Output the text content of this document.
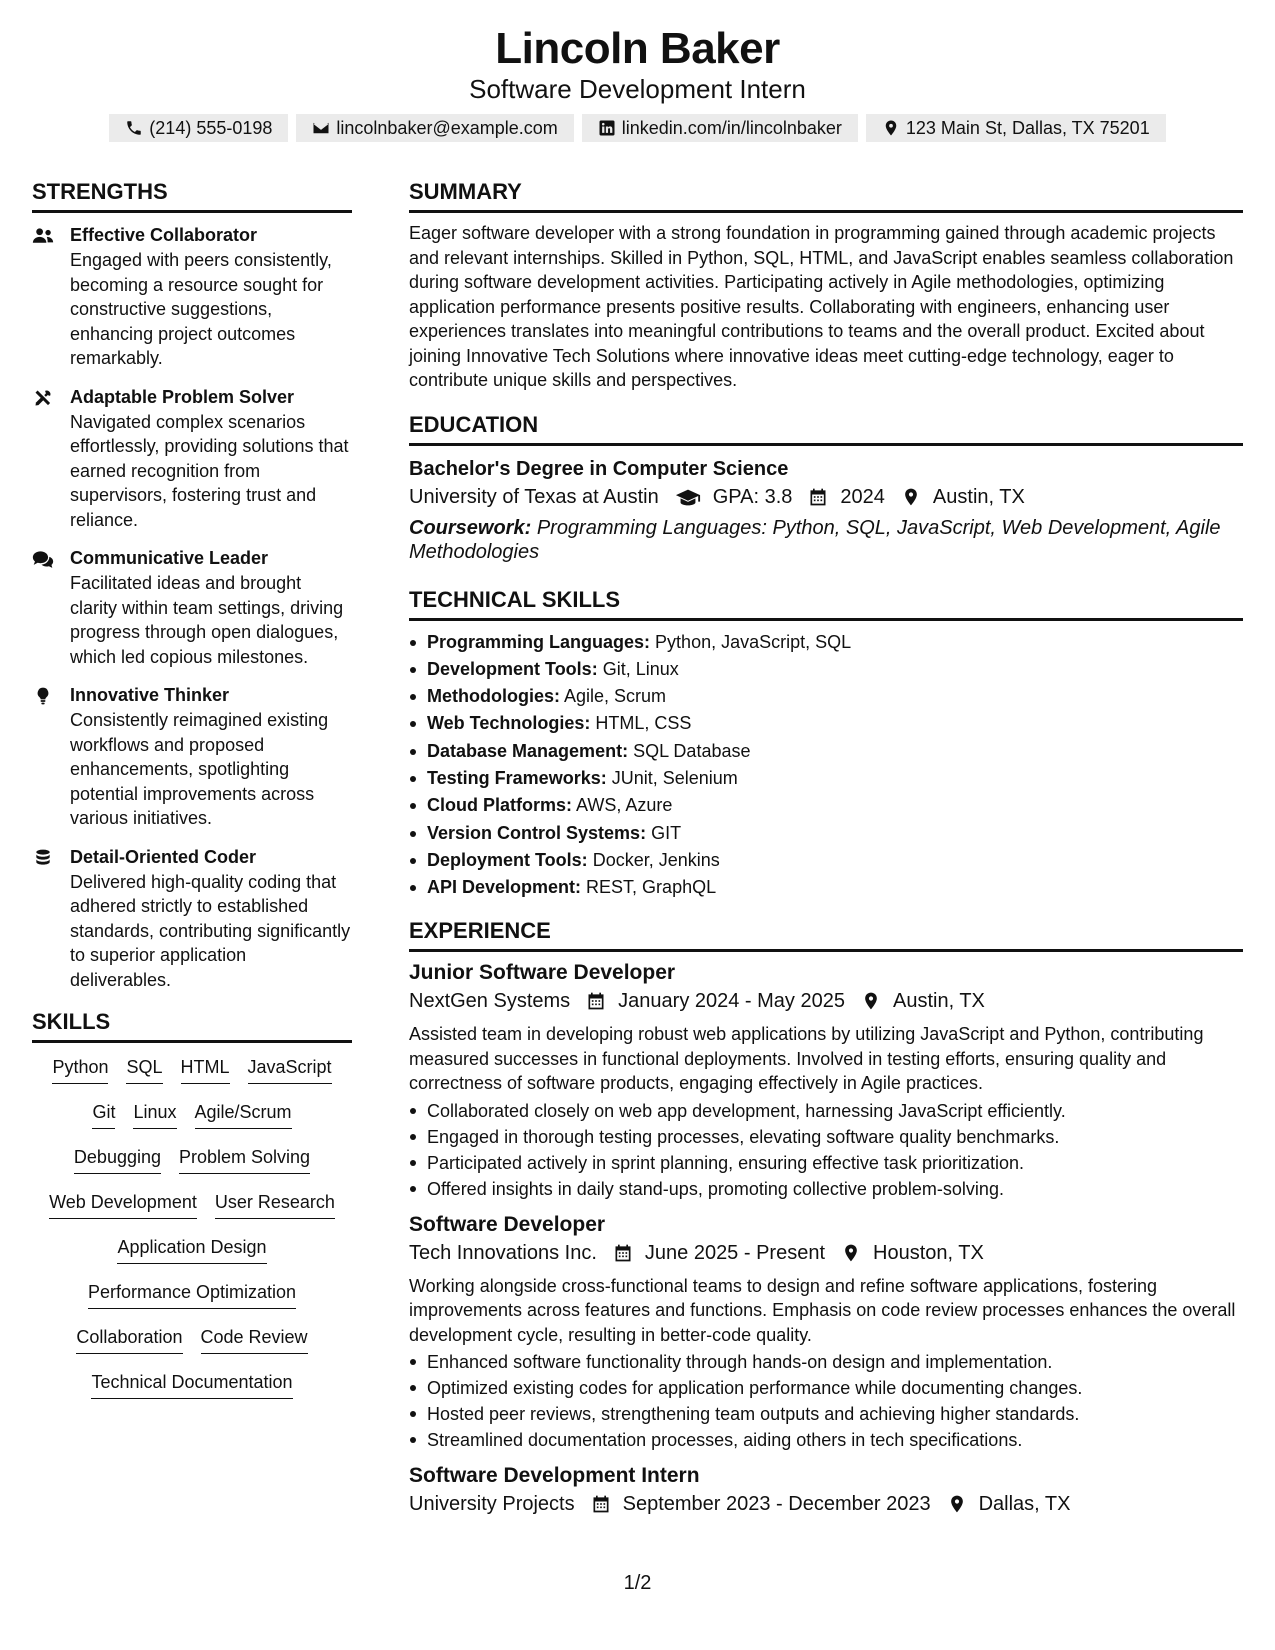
Lincoln Baker
Software Development Intern
(214) 555-0198	lincolnbaker@example.com	linkedin.com/in/lincolnbaker	123 Main St, Dallas, TX 75201
STRENGTHS
Effective Collaborator
Engaged with peers consistently, becoming a resource sought for constructive suggestions, enhancing project outcomes remarkably.
Adaptable Problem Solver
Navigated complex scenarios effortlessly, providing solutions that earned recognition from supervisors, fostering trust and reliance.
Communicative Leader
Facilitated ideas and brought clarity within team settings, driving progress through open dialogues, which led copious milestones.
Innovative Thinker
Consistently reimagined existing workflows and proposed enhancements, spotlighting potential improvements across various initiatives.
Detail-Oriented Coder
Delivered high-quality coding that adhered strictly to established standards, contributing significantly to superior application deliverables.
SKILLS
Python SQL HTML JavaScript
Git Linux Agile/Scrum
Debugging Problem Solving
Web Development User Research
Application Design
Performance Optimization
Collaboration Code Review
Technical Documentation
SUMMARY
Eager software developer with a strong foundation in programming gained through academic projects and relevant internships. Skilled in Python, SQL, HTML, and JavaScript enables seamless collaboration during software development activities. Participating actively in Agile methodologies, optimizing application performance presents positive results. Collaborating with engineers, enhancing user experiences translates into meaningful contributions to teams and the overall product. Excited about joining Innovative Tech Solutions where innovative ideas meet cutting-edge technology, eager to contribute unique skills and perspectives.
EDUCATION
Bachelor's Degree in Computer Science
University of Texas at Austin	GPA: 3.8 2024 Austin, TX
Coursework: Programming Languages: Python, SQL, JavaScript, Web Development, Agile Methodologies
TECHNICAL SKILLS
Programming Languages: Python, JavaScript, SQL
Development Tools: Git, Linux
Methodologies: Agile, Scrum
Web Technologies: HTML, CSS
Database Management: SQL Database
Testing Frameworks: JUnit, Selenium
Cloud Platforms: AWS, Azure
Version Control Systems: GIT
Deployment Tools: Docker, Jenkins
API Development: REST, GraphQL
EXPERIENCE
Junior Software Developer
NextGen Systems January 2024 - May 2025 Austin, TX
Assisted team in developing robust web applications by utilizing JavaScript and Python, contributing measured successes in functional deployments. Involved in testing efforts, ensuring quality and correctness of software products, engaging effectively in Agile practices.
Collaborated closely on web app development, harnessing JavaScript efficiently.
Engaged in thorough testing processes, elevating software quality benchmarks.
Participated actively in sprint planning, ensuring effective task prioritization.
Offered insights in daily stand-ups, promoting collective problem-solving.
Software Developer
Tech Innovations Inc. June 2025 - Present Houston, TX
Working alongside cross-functional teams to design and refine software applications, fostering improvements across features and functions. Emphasis on code review processes enhances the overall development cycle, resulting in better-code quality.
Enhanced software functionality through hands-on design and implementation.
Optimized existing codes for application performance while documenting changes.
Hosted peer reviews, strengthening team outputs and achieving higher standards.
Streamlined documentation processes, aiding others in tech specifications.
Software Development Intern
University Projects September 2023 - December 2023 Dallas, TX
1/2
